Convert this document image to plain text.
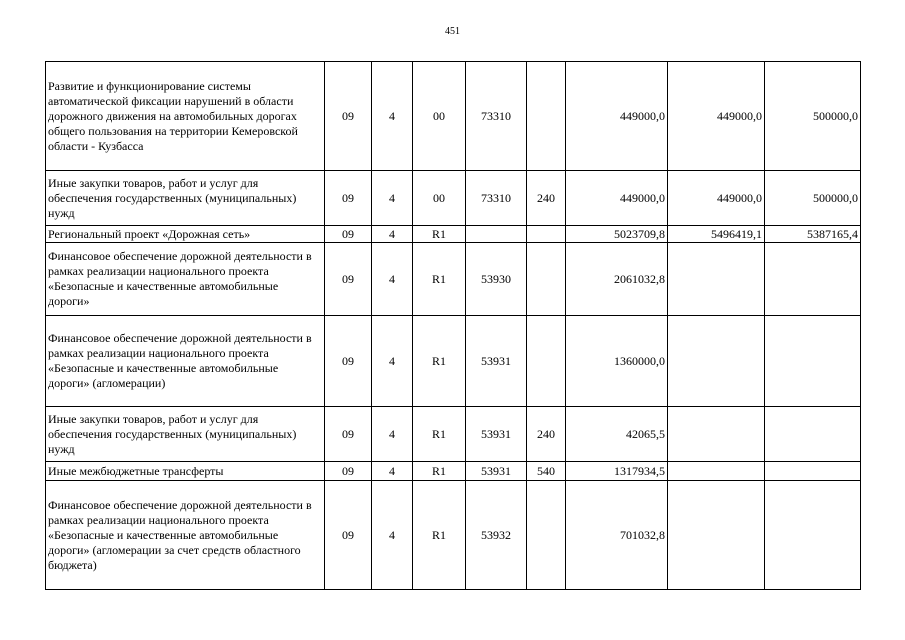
451
Развитие и функционирование системы автоматической фиксации нарушений в области дорожного движения на автомобильных дорогах общего пользования на территории Кемеровской области - Кузбасса	09	4	00	73310		449000,0	449000,0	500000,0
Иные закупки товаров, работ и услуг для обеспечения государственных (муниципальных) нужд	09	4	00	73310	240	449000,0	449000,0	500000,0
Региональный проект «Дорожная сеть»	09	4	R1			5023709,8	5496419,1	5387165,4
Финансовое обеспечение дорожной деятельности в рамках реализации национального проекта «Безопасные и качественные автомобильные дороги»	09	4	R1	53930		2061032,8		
Финансовое обеспечение дорожной деятельности в рамках реализации национального проекта «Безопасные и качественные автомобильные дороги» (агломерации)	09	4	R1	53931		1360000,0		
Иные закупки товаров, работ и услуг для обеспечения государственных (муниципальных) нужд	09	4	R1	53931	240	42065,5		
Иные межбюджетные трансферты	09	4	R1	53931	540	1317934,5		
Финансовое обеспечение дорожной деятельности в рамках реализации национального проекта «Безопасные и качественные автомобильные дороги» (агломерации за счет средств областного бюджета)	09	4	R1	53932		701032,8		
